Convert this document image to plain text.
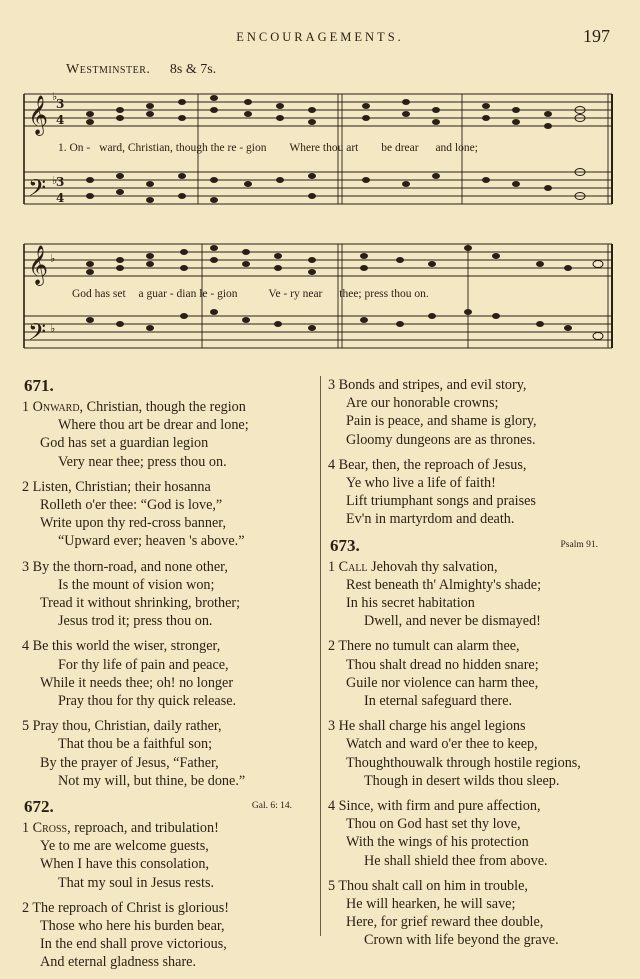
ENCOURAGEMENTS.	197
Westminster. 8s & 7s.
𝄞
𝄢
𝄞
𝄢
3
4
3
4
♭
♭
♭
♭
1. On - ward, Christian, though the re - gion Where thou art be drear and lone;
God has set a guar - dian le - gion	Ve - ry near thee; press thou on.
671.
1 Onward, Christian, though the region
Where thou art be drear and lone;
God has set a guardian legion
Very near thee; press thou on.
2 Listen, Christian; their hosanna
Rolleth o'er thee: “God is love,”
Write upon thy red-cross banner,
“Upward ever; heaven 's above.”
3 By the thorn-road, and none other,
Is the mount of vision won;
Tread it without shrinking, brother;
Jesus trod it; press thou on.
4 Be this world the wiser, stronger,
For thy life of pain and peace,
While it needs thee; oh! no longer
Pray thou for thy quick release.
5 Pray thou, Christian, daily rather,
That thou be a faithful son;
By the prayer of Jesus, “Father,
Not my will, but thine, be done.”
672.	Gal. 6: 14.
1 Cross, reproach, and tribulation!
Ye to me are welcome guests,
When I have this consolation,
That my soul in Jesus rests.
2 The reproach of Christ is glorious!
Those who here his burden bear,
In the end shall prove victorious,
And eternal gladness share.
3 Bonds and stripes, and evil story,
Are our honorable crowns;
Pain is peace, and shame is glory,
Gloomy dungeons are as thrones.
4 Bear, then, the reproach of Jesus,
Ye who live a life of faith!
Lift triumphant songs and praises
Ev'n in martyrdom and death.
673.	Psalm 91.
1 Call Jehovah thy salvation,
Rest beneath th' Almighty's shade;
In his secret habitation
Dwell, and never be dismayed!
2 There no tumult can alarm thee,
Thou shalt dread no hidden snare;
Guile nor violence can harm thee,
In eternal safeguard there.
3 He shall charge his angel legions
Watch and ward o'er thee to keep,
Thoughthouwalk through hostile regions,
Though in desert wilds thou sleep.
4 Since, with firm and pure affection,
Thou on God hast set thy love,
With the wings of his protection
He shall shield thee from above.
5 Thou shalt call on him in trouble,
He will hearken, he will save;
Here, for grief reward thee double,
Crown with life beyond the grave.
